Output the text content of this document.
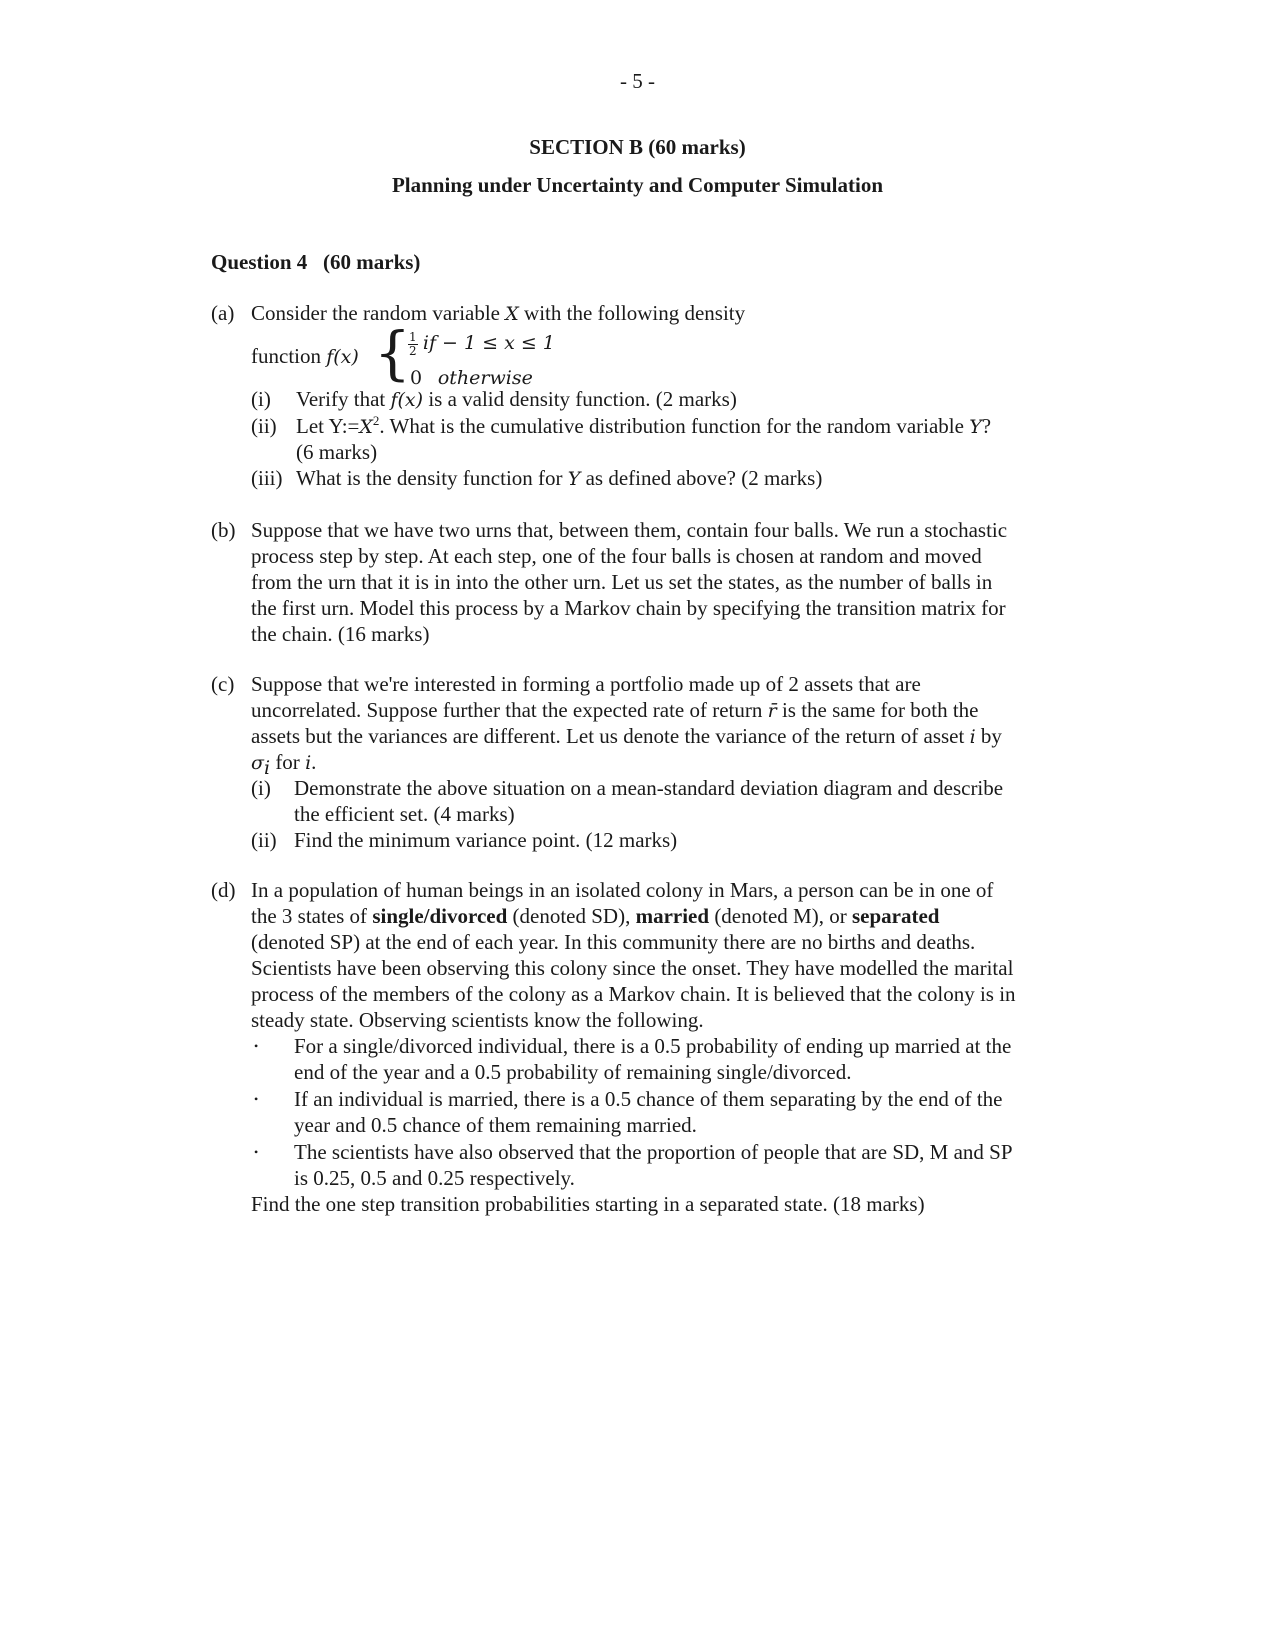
- 5 -
SECTION B (60 marks)
Planning under Uncertainty and Computer Simulation
Question 4 (60 marks)
(a) Consider the random variable X with the following density
function f(x) {
$\frac{1}{2}$ if − 1 ≤ x ≤ 1
0 otherwise
(i) Verify that f(x) is a valid density function. (2 marks)
(ii) Let $Y:=X^2$. What is the cumulative distribution function for the random variable Y?
(6 marks)
(iii) What is the density function for Y as defined above? (2 marks)
(b) Suppose that we have two urns that, between them, contain four balls. We run a stochastic
process step by step. At each step, one of the four balls is chosen at random and moved
from the urn that it is in into the other urn. Let us set the states, as the number of balls in
the first urn. Model this process by a Markov chain by specifying the transition matrix for
the chain. (16 marks)
(c) Suppose that we're interested in forming a portfolio made up of 2 assets that are
uncorrelated. Suppose further that the expected rate of return r̄ is the same for both the
assets but the variances are different. Let us denote the variance of the return of asset i by
$\sigma_i$ for i.
(i) Demonstrate the above situation on a mean-standard deviation diagram and describe
the efficient set. (4 marks)
(ii) Find the minimum variance point. (12 marks)
(d) In a population of human beings in an isolated colony in Mars, a person can be in one of
the 3 states of single/divorced (denoted SD), married (denoted M), or separated
(denoted SP) at the end of each year. In this community there are no births and deaths.
Scientists have been observing this colony since the onset. They have modelled the marital
process of the members of the colony as a Markov chain. It is believed that the colony is in
steady state. Observing scientists know the following.
• For a single/divorced individual, there is a 0.5 probability of ending up married at the
end of the year and a 0.5 probability of remaining single/divorced.
• If an individual is married, there is a 0.5 chance of them separating by the end of the
year and 0.5 chance of them remaining married.
• The scientists have also observed that the proportion of people that are SD, M and SP
is 0.25, 0.5 and 0.25 respectively.
Find the one step transition probabilities starting in a separated state. (18 marks)
